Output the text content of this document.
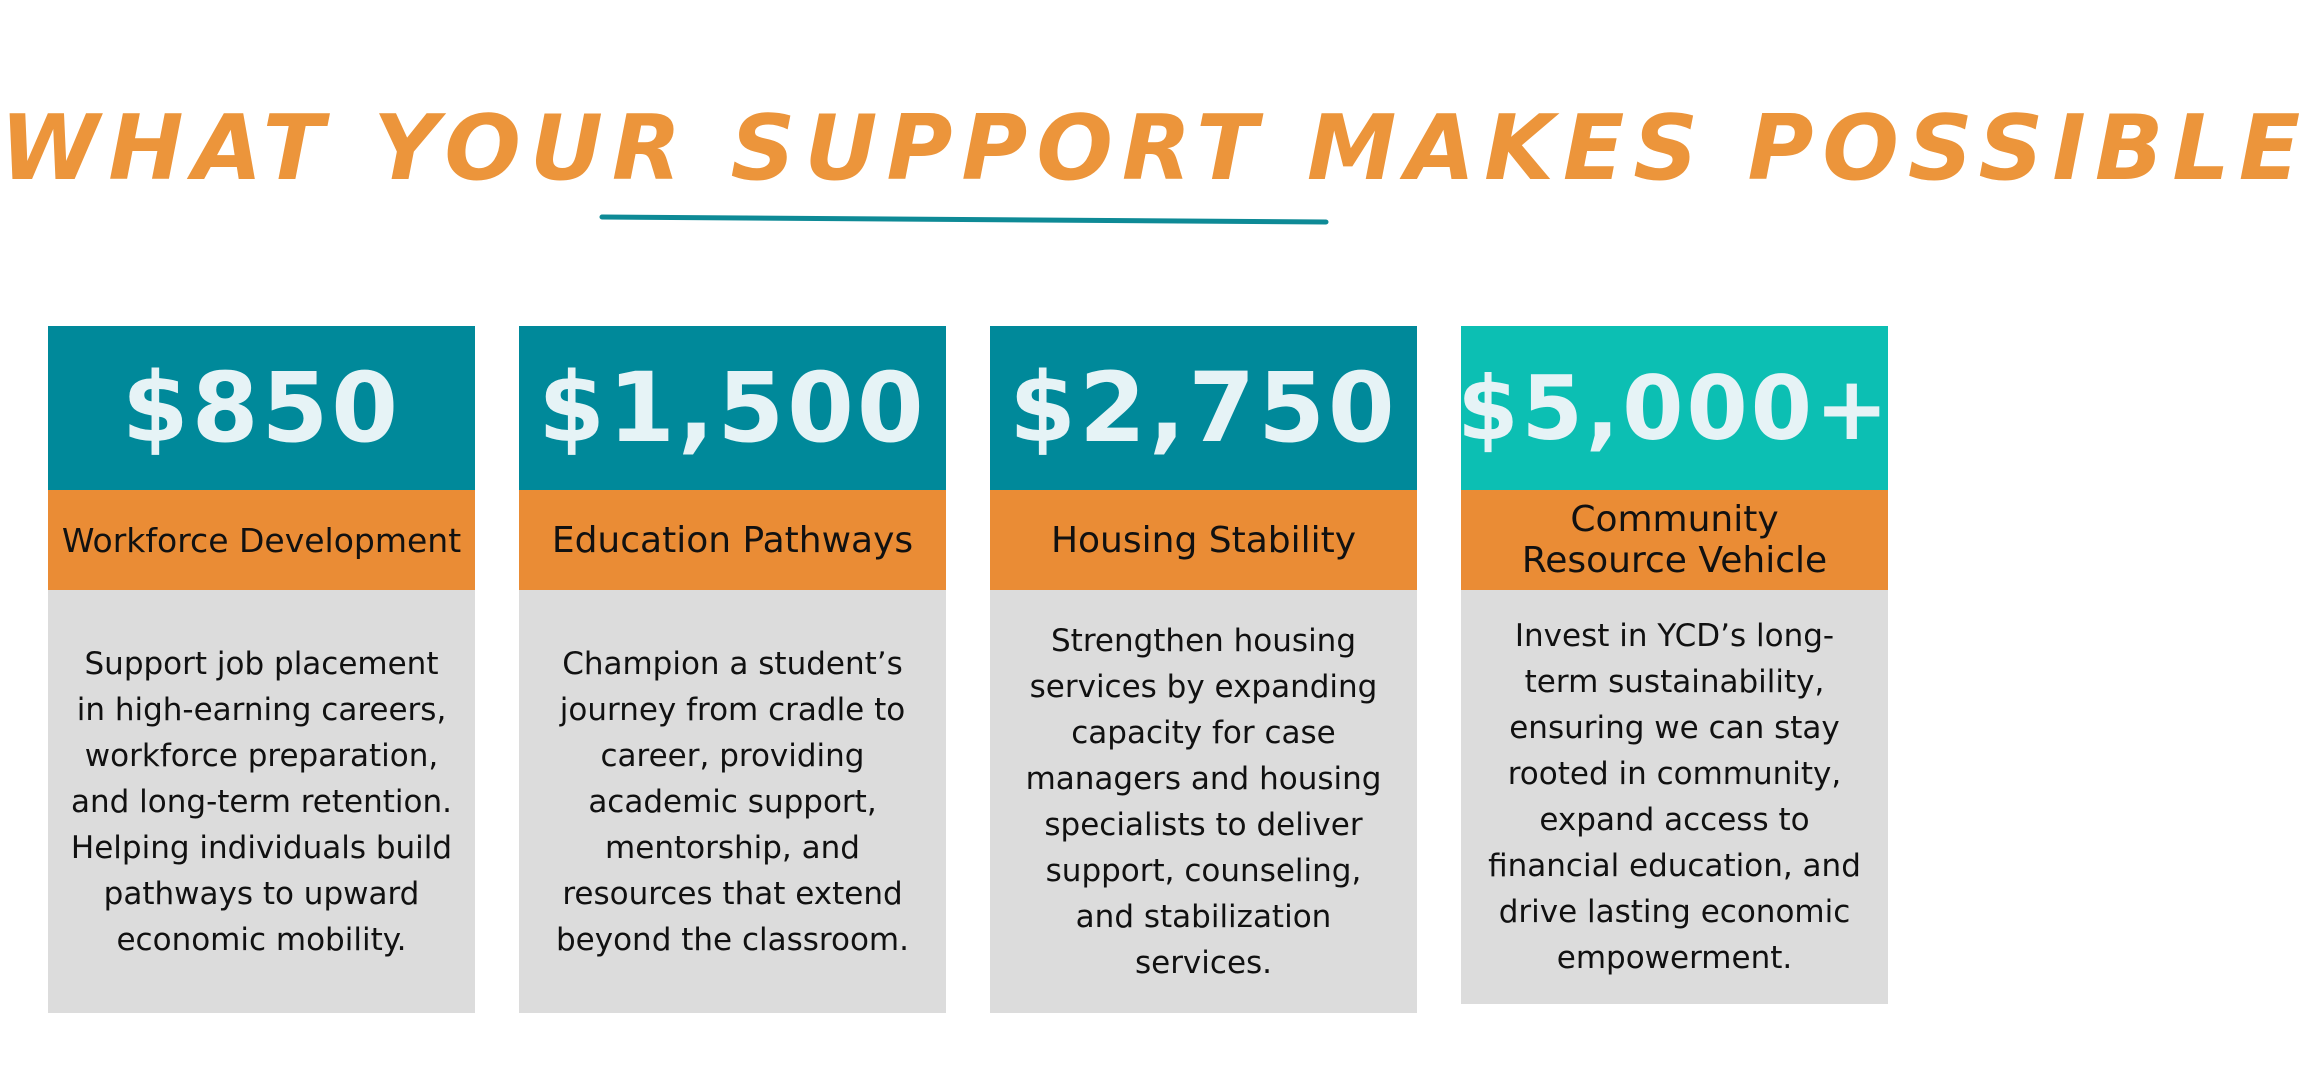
WHAT YOUR SUPPORT MAKES POSSIBLE
$850
Workforce Development
Support job placement in high-earning careers, workforce preparation, and long-term retention. Helping individuals build pathways to upward economic mobility.
$1,500
Education Pathways
Champion a student’s journey from cradle to career, providing academic support, mentorship, and resources that extend beyond the classroom.
$2,750
Housing Stability
Strengthen housing services by expanding capacity for case managers and housing specialists to deliver support, counseling, and stabilization services.
$5,000+
Community Resource Vehicle
Invest in YCD’s long-term sustainability, ensuring we can stay rooted in community, expand access to financial education, and drive lasting economic empowerment.
